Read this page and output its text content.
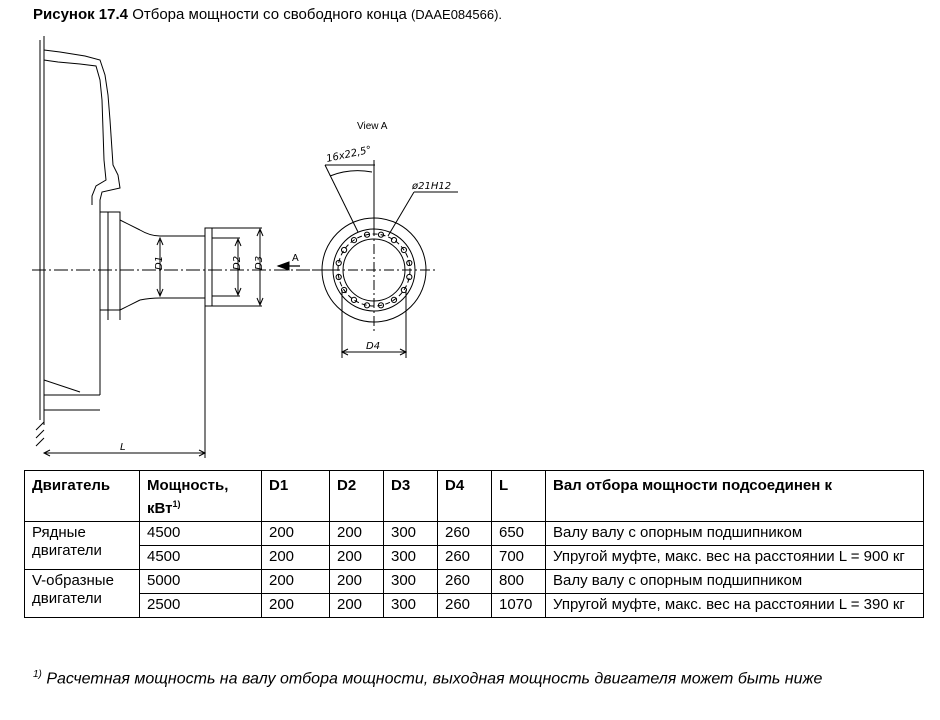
Рисунок 17.4 Отбора мощности со свободного конца (DAAE084566).
D1	D2 D3
L
A
View A
16x22,5°
ø21H12
D4
Двигатель	Мощность, кВт$^{1)}$	D1	D2	D3	D4	L	Вал отбора мощности подсоединен к
Рядные двигатели	4500	200	200	300	260	650	Валу валу с опорным подшипником
	4500	200	200	300	260	700	Упругой муфте, макс. вес на расстоянии L = 900 кг
V-образные двигатели	5000	200	200	300	260	800	Валу валу с опорным подшипником
	2500	200	200	300	260	1070	Упругой муфте, макс. вес на расстоянии L = 390 кг
$^{1)}$ Расчетная мощность на валу отбора мощности, выходная мощность двигателя может быть ниже
